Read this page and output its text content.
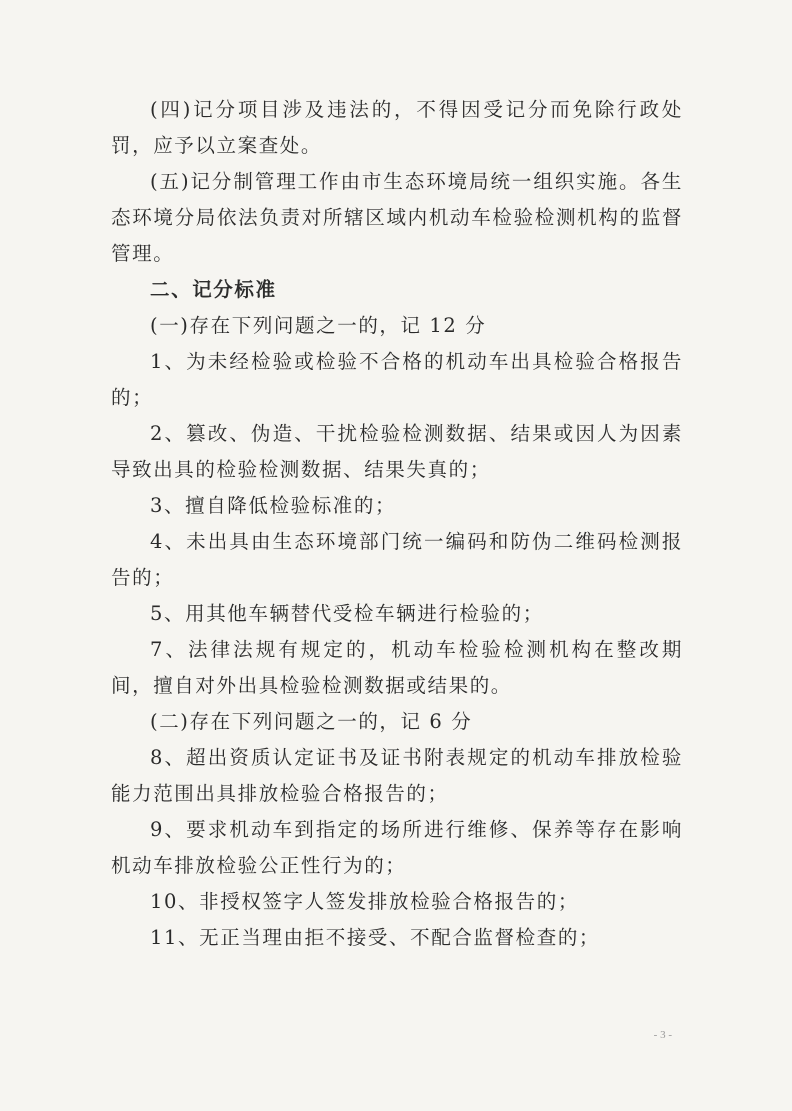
(四)记分项目涉及违法的，不得因受记分而免除行政处罚，应予以立案查处。

(五)记分制管理工作由市生态环境局统一组织实施。各生态环境分局依法负责对所辖区域内机动车检验检测机构的监督管理。

二、记分标准

(一)存在下列问题之一的，记 12 分

1、为未经检验或检验不合格的机动车出具检验合格报告的；

2、篡改、伪造、干扰检验检测数据、结果或因人为因素导致出具的检验检测数据、结果失真的；

3、擅自降低检验标准的；

4、未出具由生态环境部门统一编码和防伪二维码检测报告的；

5、用其他车辆替代受检车辆进行检验的；

7、法律法规有规定的，机动车检验检测机构在整改期间，擅自对外出具检验检测数据或结果的。

(二)存在下列问题之一的，记 6 分

8、超出资质认定证书及证书附表规定的机动车排放检验能力范围出具排放检验合格报告的；

9、要求机动车到指定的场所进行维修、保养等存在影响机动车排放检验公正性行为的；

10、非授权签字人签发排放检验合格报告的；

11、无正当理由拒不接受、不配合监督检查的；

- 3 -
